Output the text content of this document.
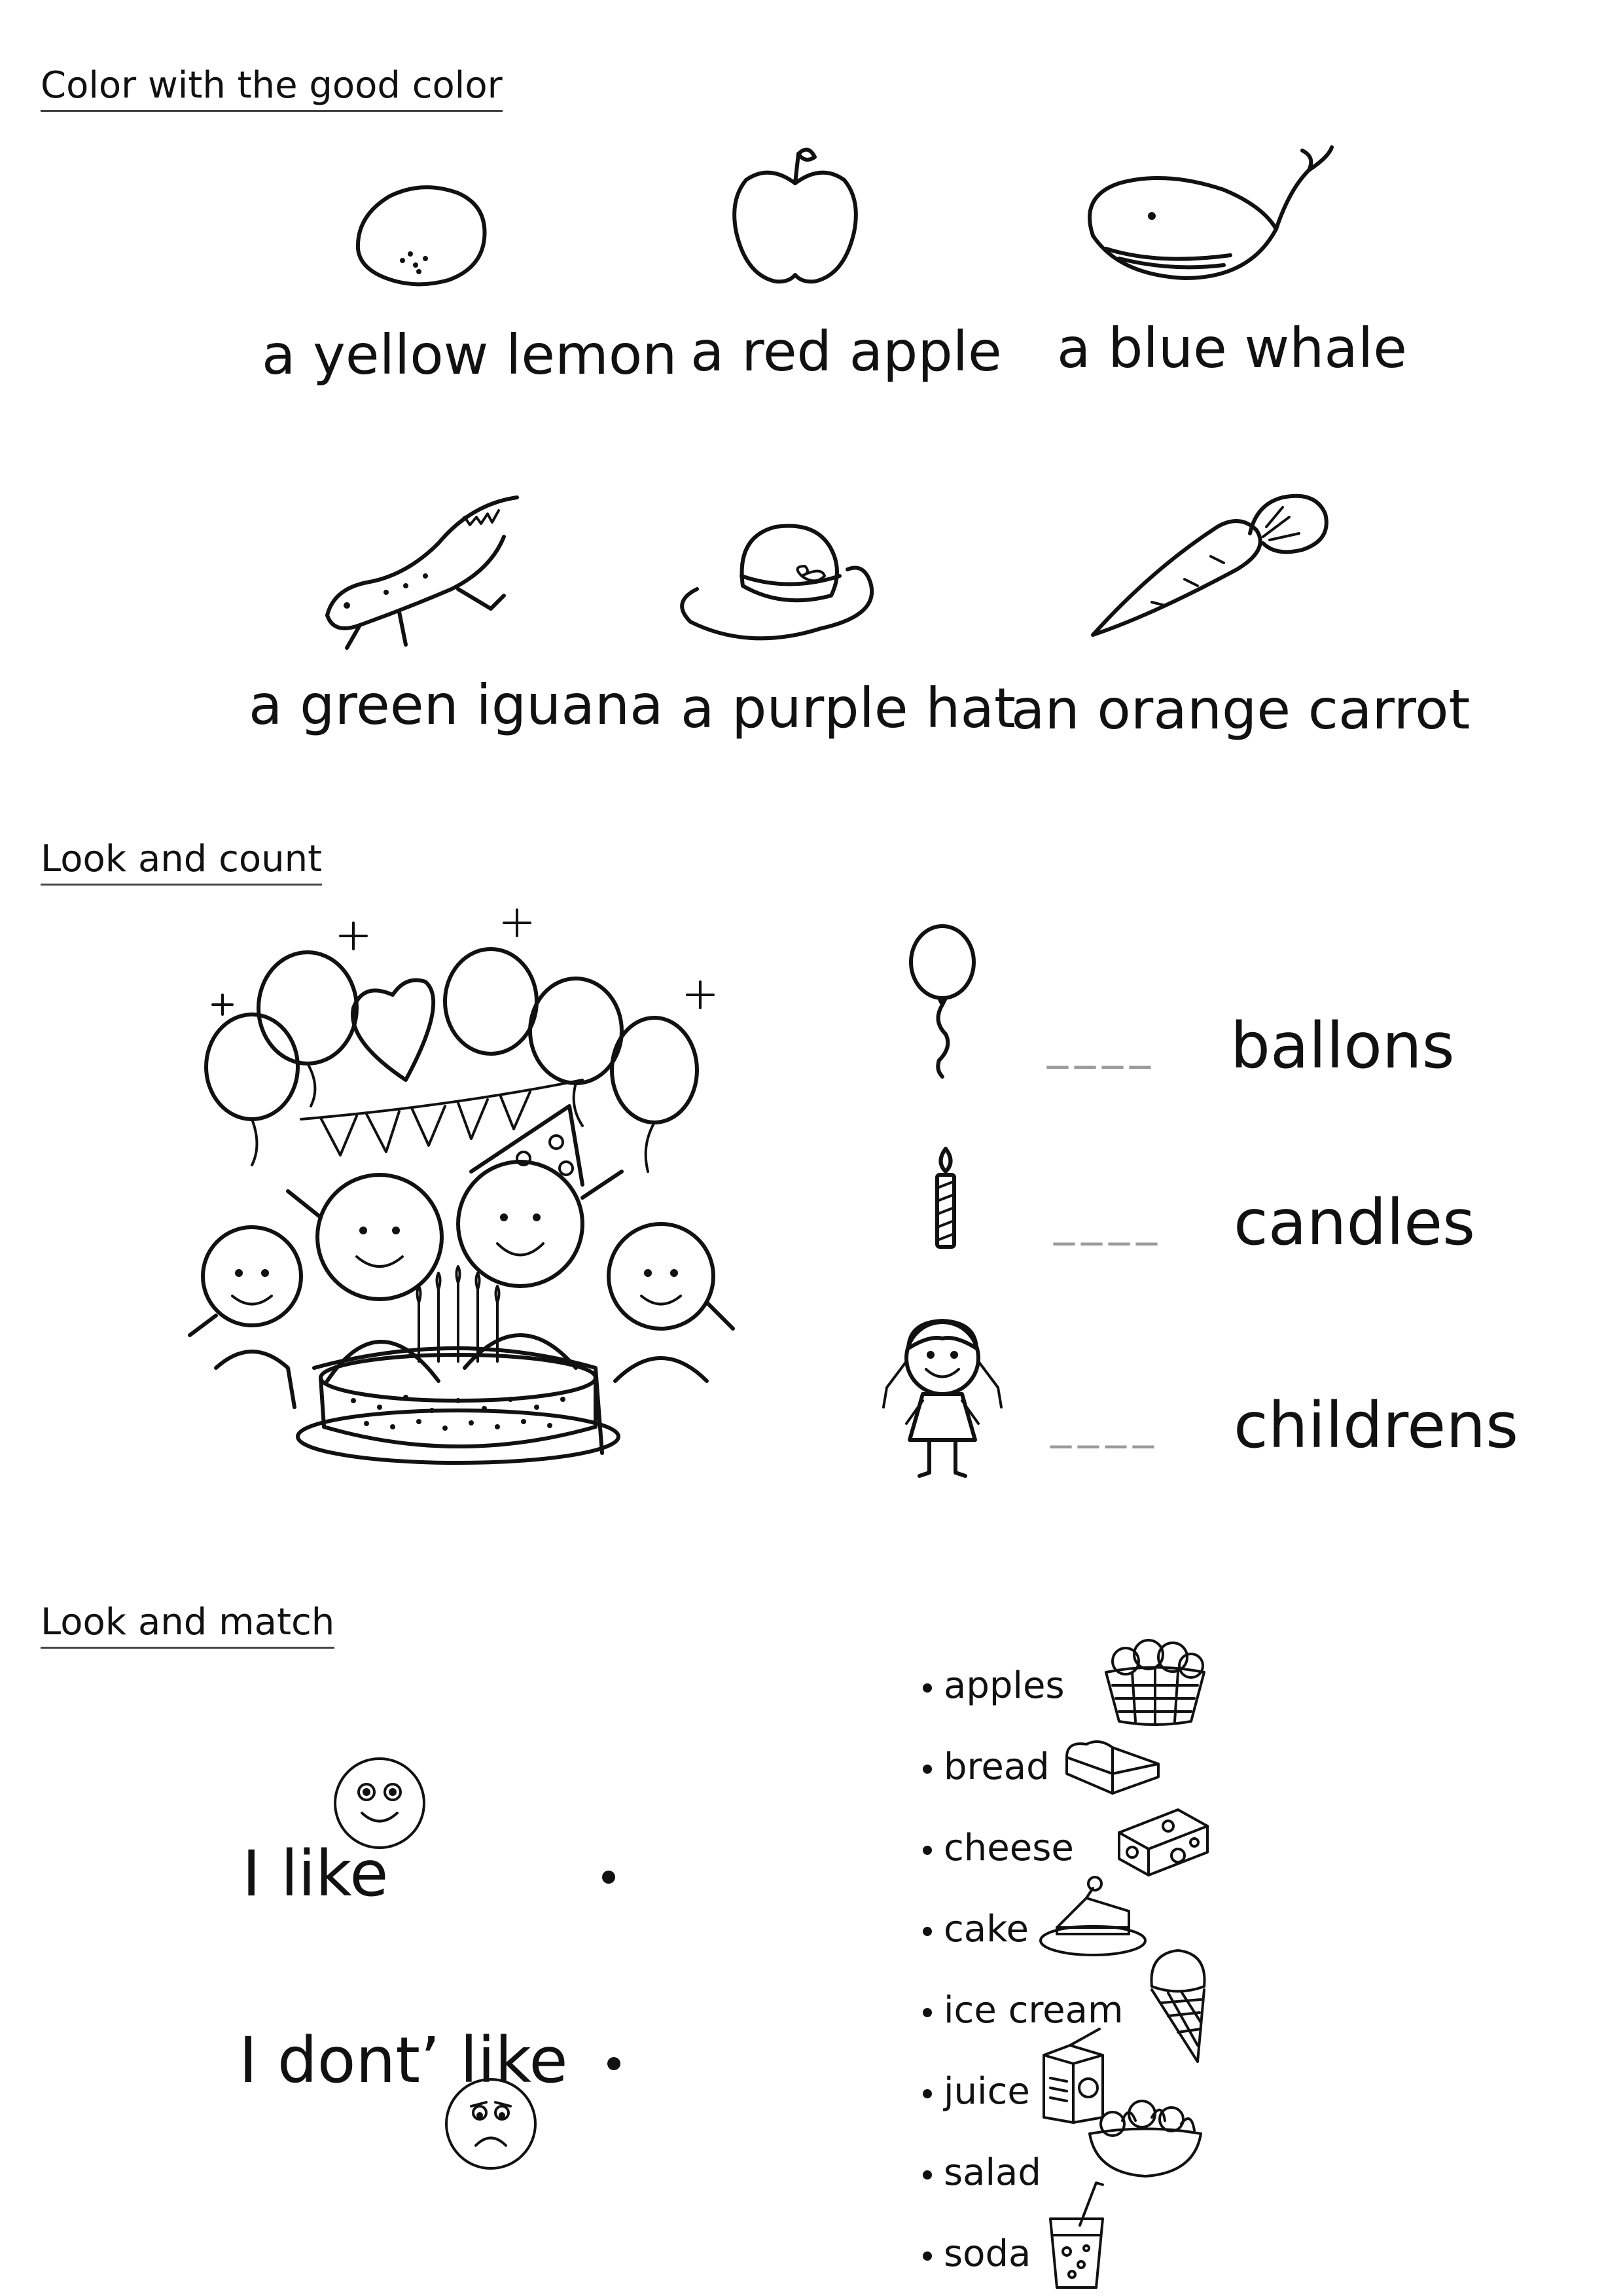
Color with the good color
a yellow lemon a red apple a blue whale
a green iguana a purple hat
an orange carrot
Look and count
____ ballons
____ candles
____ childrens
Look and match
I like
I dont’ like
apples
bread
cheese
cake
ice cream
juice
salad
soda
